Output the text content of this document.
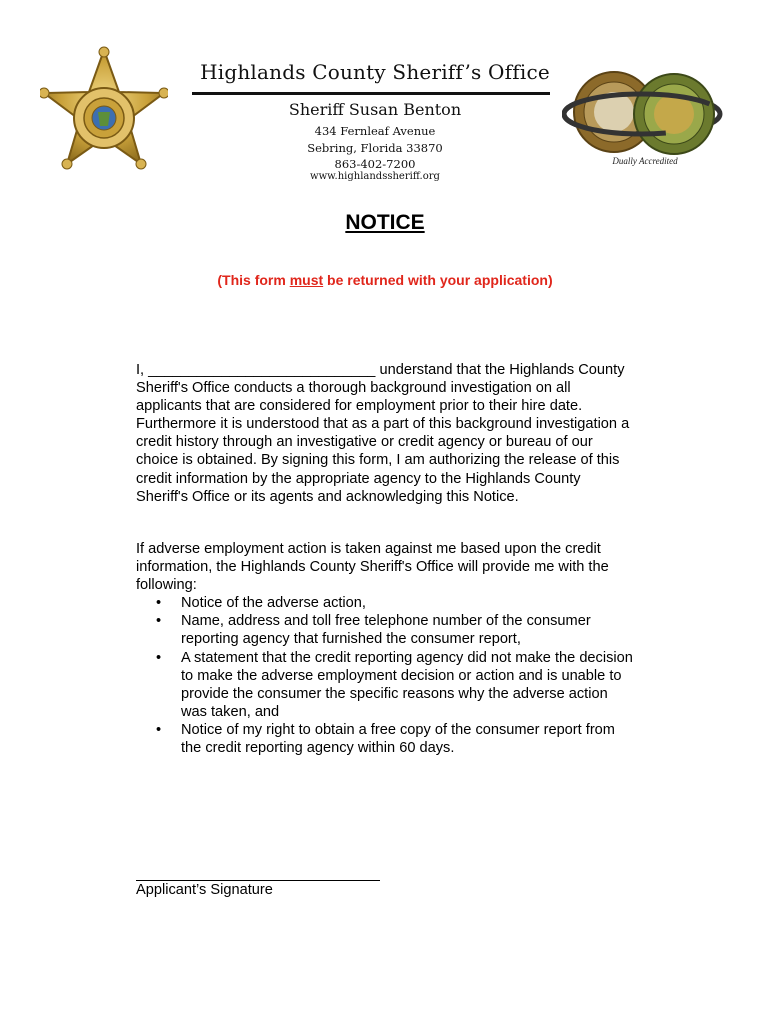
Dually Accredited
Highlands County Sheriff’s Office
Sheriff Susan Benton
434 Fernleaf Avenue
Sebring, Florida 33870
863-402-7200
www.highlandssheriff.org
NOTICE
(This form must be returned with your application)
I, ____________________________ understand that the Highlands County Sheriff's Office conducts a thorough background investigation on all applicants that are considered for employment prior to their hire date. Furthermore it is understood that as a part of this background investigation a credit history through an investigative or credit agency or bureau of our choice is obtained. By signing this form, I am authorizing the release of this credit information by the appropriate agency to the Highlands County Sheriff's Office or its agents and acknowledging this Notice.

If adverse employment action is taken against me based upon the credit information, the Highlands County Sheriff's Office will provide me with the following:

• Notice of the adverse action,
• Name, address and toll free telephone number of the consumer reporting agency that furnished the consumer report,
• A statement that the credit reporting agency did not make the decision to make the adverse employment decision or action and is unable to provide the consumer the specific reasons why the adverse action was taken, and
• Notice of my right to obtain a free copy of the consumer report from the credit reporting agency within 60 days.
Applicant’s Signature
